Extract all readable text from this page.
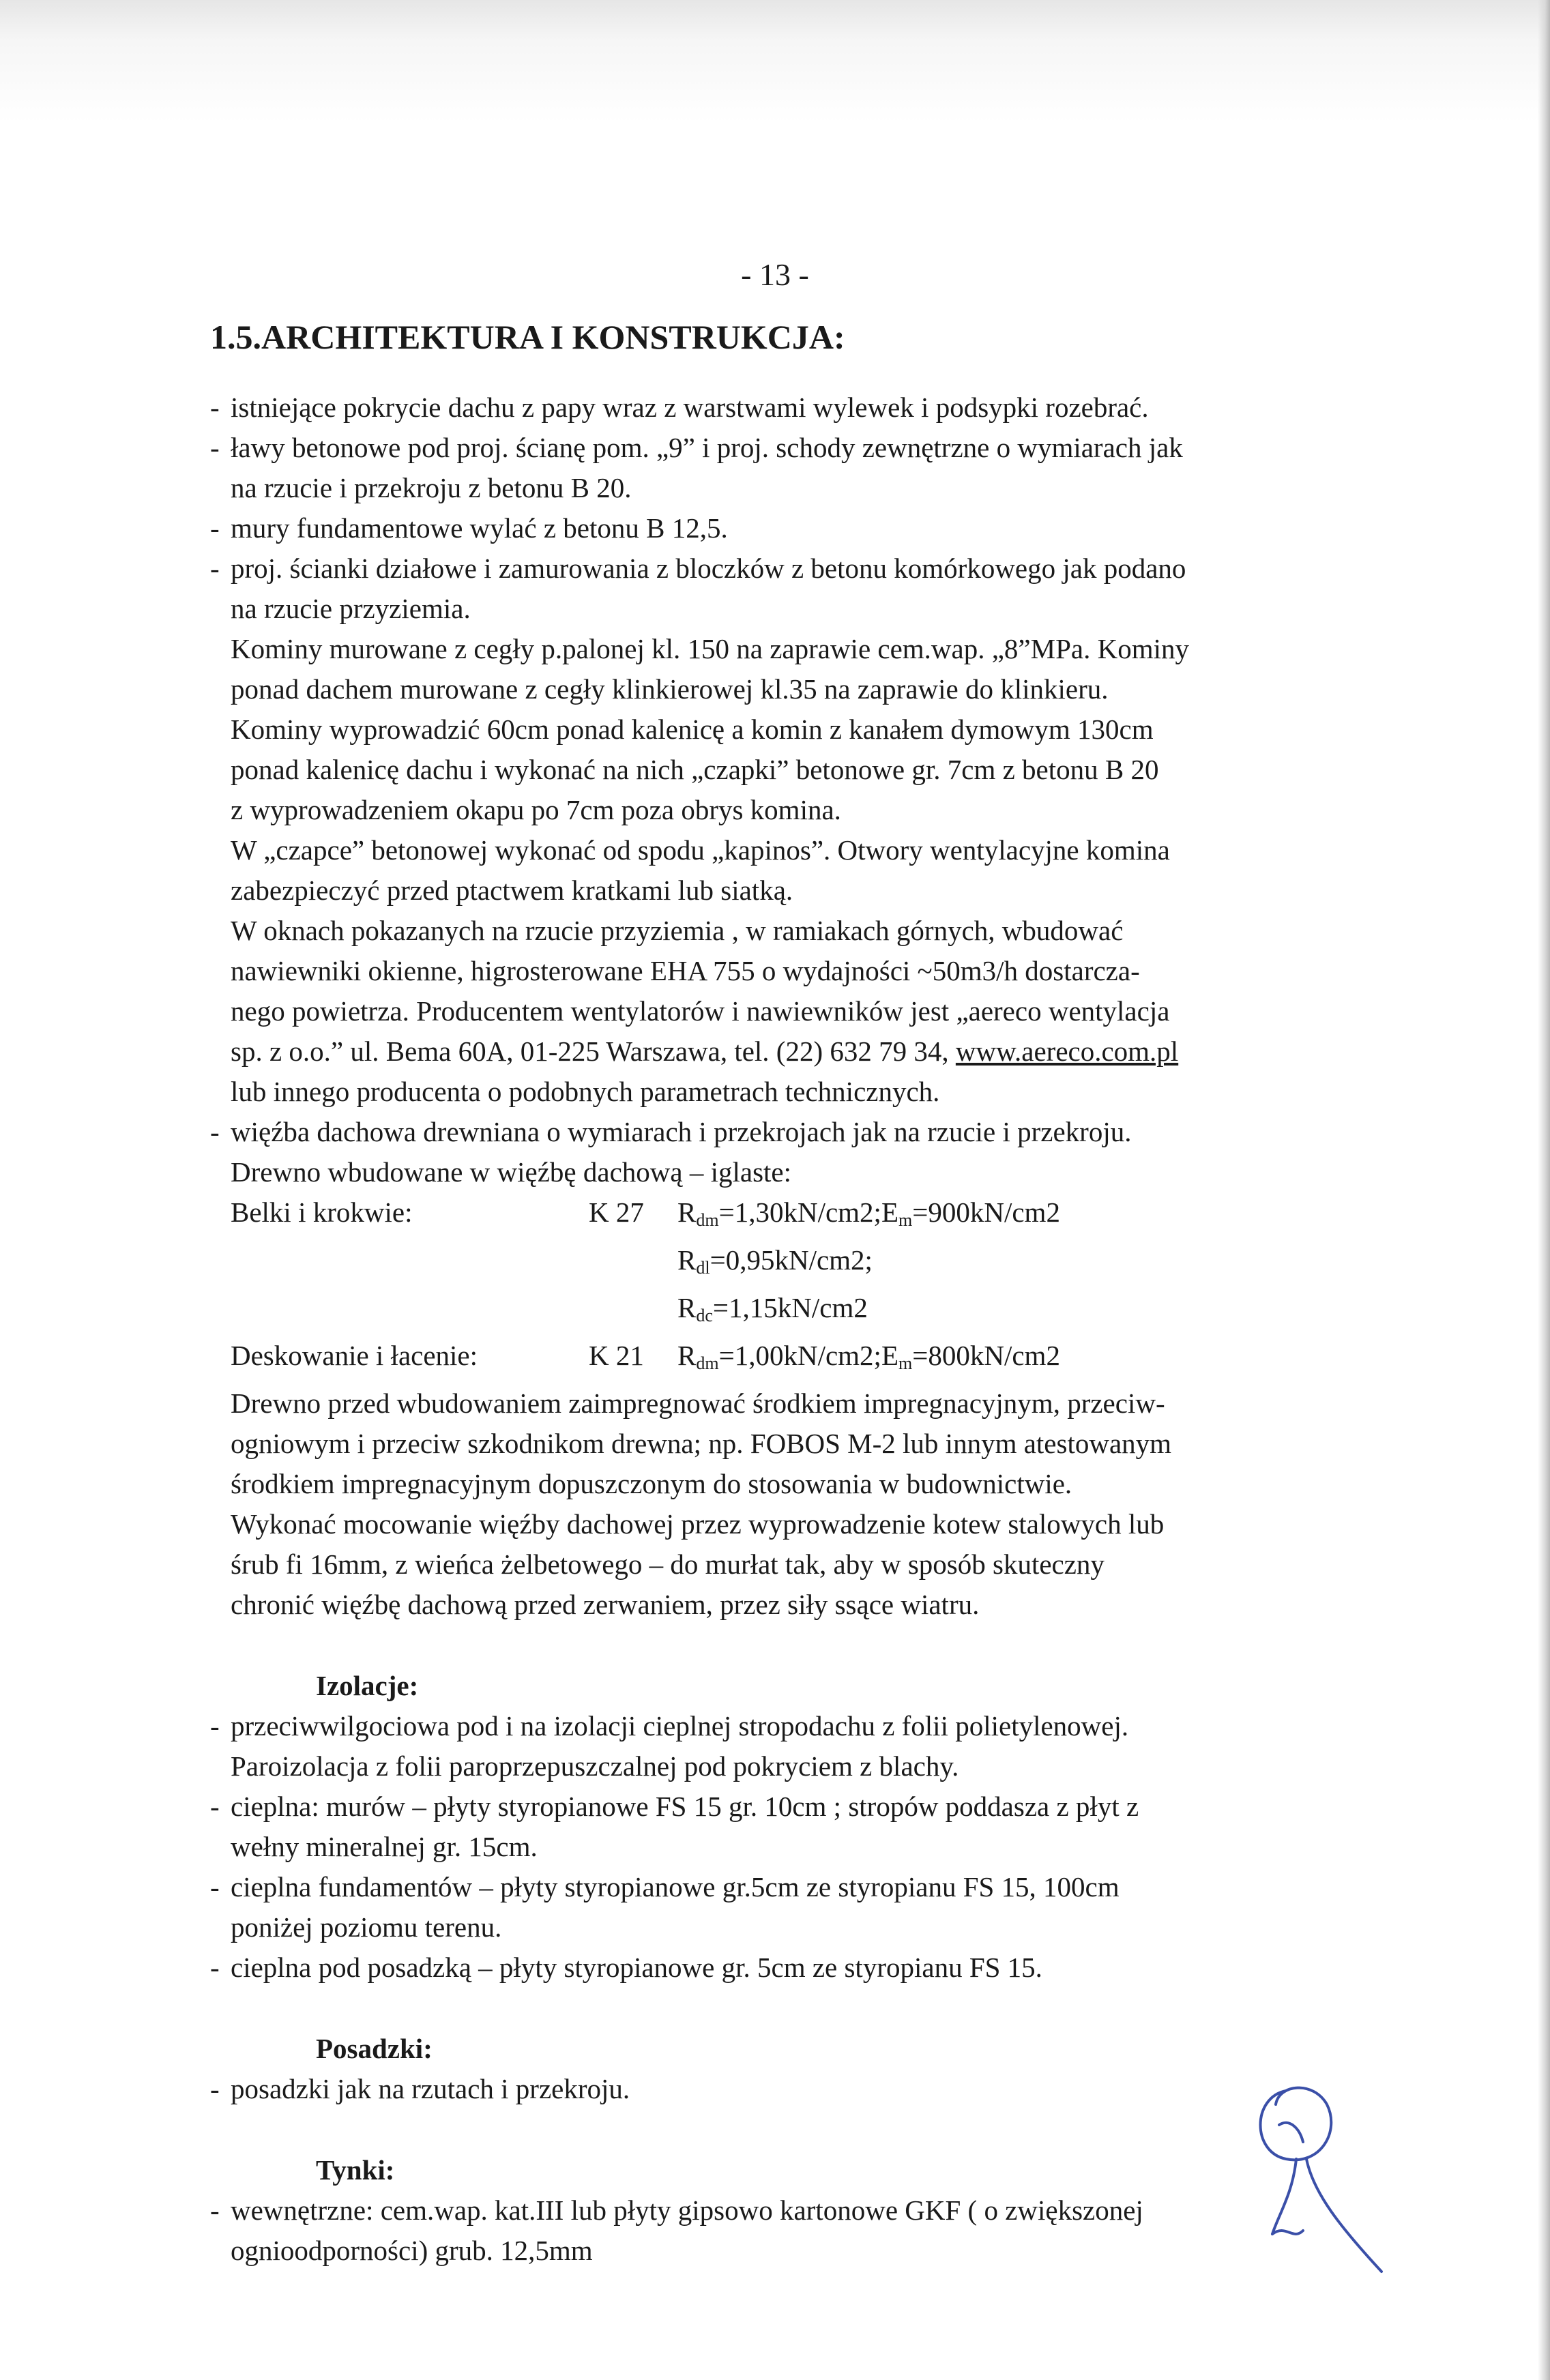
- 13 -
1.5.ARCHITEKTURA I KONSTRUKCJA:
- istniejące pokrycie dachu z papy wraz z warstwami wylewek i podsypki rozebrać.
- ławy betonowe pod proj. ścianę pom. „9” i proj. schody zewnętrzne o wymiarach jak
na rzucie i przekroju z betonu B 20.
- mury fundamentowe wylać z betonu B 12,5.
- proj. ścianki działowe i zamurowania z bloczków z betonu komórkowego jak podano
na rzucie przyziemia.
Kominy murowane z cegły p.palonej kl. 150 na zaprawie cem.wap. „8”MPa. Kominy
ponad dachem murowane z cegły klinkierowej kl.35 na zaprawie do klinkieru.
Kominy wyprowadzić 60cm ponad kalenicę a komin z kanałem dymowym 130cm
ponad kalenicę dachu i wykonać na nich „czapki” betonowe gr. 7cm z betonu B 20
z wyprowadzeniem okapu po 7cm poza obrys komina.
W „czapce” betonowej wykonać od spodu „kapinos”. Otwory wentylacyjne komina
zabezpieczyć przed ptactwem kratkami lub siatką.
W oknach pokazanych na rzucie przyziemia , w ramiakach górnych, wbudować
nawiewniki okienne, higrosterowane EHA 755 o wydajności ~50m3/h dostarcza-
nego powietrza. Producentem wentylatorów i nawiewników jest „aereco wentylacja
sp. z o.o.” ul. Bema 60A, 01-225 Warszawa, tel. (22) 632 79 34, www.aereco.com.pl
lub innego producenta o podobnych parametrach technicznych.
- więźba dachowa drewniana o wymiarach i przekrojach jak na rzucie i przekroju.
Drewno wbudowane w więźbę dachową – iglaste:
Belki i krokwie:	K 27	$R_{dm}=1,30kN/cm2;E_m=900kN/cm2$
$R_{dl}=0,95kN/cm2$;
$R_{dc}=1,15kN/cm2$
Deskowanie i łacenie:	K 21	$R_{dm}=1,00kN/cm2;E_m=800kN/cm2$
Drewno przed wbudowaniem zaimpregnować środkiem impregnacyjnym, przeciw-
ogniowym i przeciw szkodnikom drewna; np. FOBOS M-2 lub innym atestowanym
środkiem impregnacyjnym dopuszczonym do stosowania w budownictwie.
Wykonać mocowanie więźby dachowej przez wyprowadzenie kotew stalowych lub
śrub fi 16mm, z wieńca żelbetowego – do murłat tak, aby w sposób skuteczny
chronić więźbę dachową przed zerwaniem, przez siły ssące wiatru.
Izolacje:
- przeciwwilgociowa pod i na izolacji cieplnej stropodachu z folii polietylenowej.
Paroizolacja z folii paroprzepuszczalnej pod pokryciem z blachy.
- cieplna: murów – płyty styropianowe FS 15 gr. 10cm ; stropów poddasza z płyt z
wełny mineralnej gr. 15cm.
- cieplna fundamentów – płyty styropianowe gr.5cm ze styropianu FS 15, 100cm
poniżej poziomu terenu.
- cieplna pod posadzką – płyty styropianowe gr. 5cm ze styropianu FS 15.
Posadzki:
- posadzki jak na rzutach i przekroju.
Tynki:
- wewnętrzne: cem.wap. kat.III lub płyty gipsowo kartonowe GKF ( o zwiększonej
ognioodporności) grub. 12,5mm
